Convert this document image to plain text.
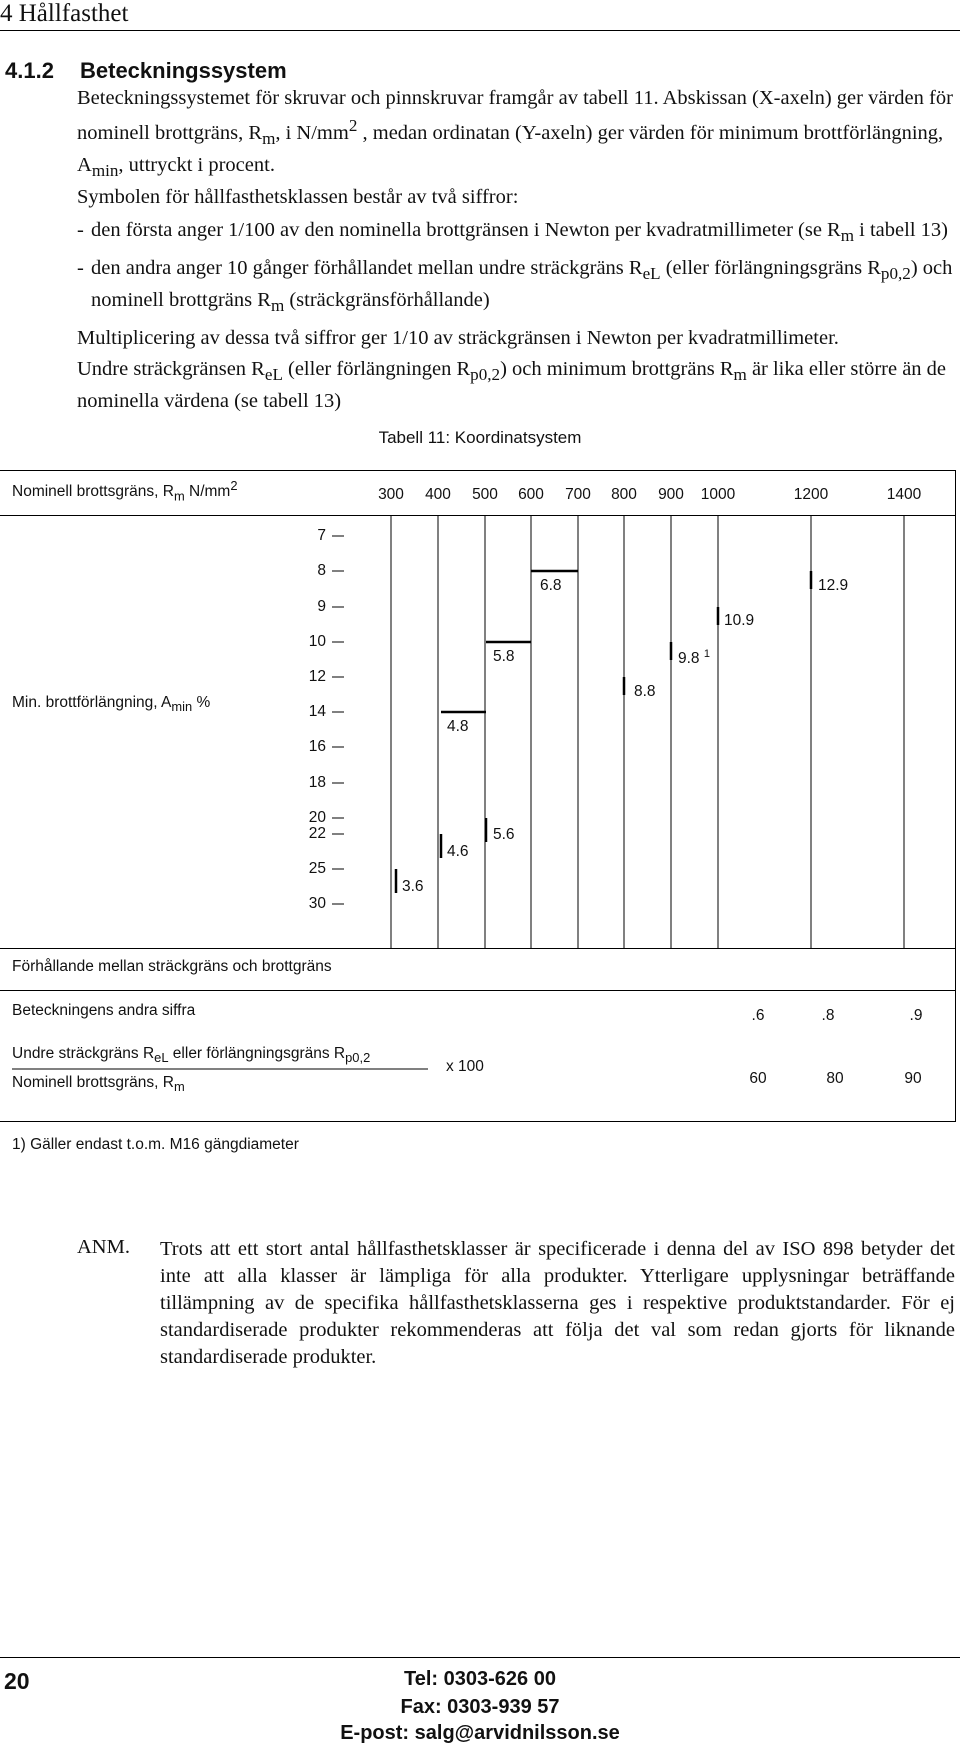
4 Hållfasthet
4.1.2 Beteckningssystem

Beteckningssystemet för skruvar och pinnskruvar framgår av tabell 11. Abskissan (X-axeln) ger värden för nominell brottgräns, $R_m$, i $N/mm^2$ , medan ordinatan (Y-axeln) ger värden för minimum brottförlängning, $A_{min}$, uttryckt i procent.

Symbolen för hållfasthetsklassen består av två siffror:

- den första anger 1/100 av den nominella brottgränsen i Newton per kvadratmillimeter (se $R_m$ i tabell 13)
- den andra anger 10 gånger förhållandet mellan undre sträckgräns $R_{eL}$ (eller förlängningsgräns $R_{p0,2}$) och nominell brottgräns $R_m$ (sträckgränsförhållande)

Multiplicering av dessa två siffror ger 1/10 av sträckgränsen i Newton per kvadratmillimeter.

Undre sträckgränsen $R_{eL}$ (eller förlängningen $R_{p0,2}$) och minimum brottgräns $R_m$ är lika eller större än de nominella värdena (se tabell 13)

Tabell 11: Koordinatsystem
Nominell brottsgräns, $R_m$ $N/mm^2$
Min. brottförlängning, $A_{min}$ %
300	400	500	600	700	800	900	1000	1200	1400
7
8
9
10
12
14
16
18
20
22
25
30
3.6
4.6
4.8
5.6
5.8
6.8
8.8
9.8 $^1$
10.9
12.9
Förhållande mellan sträckgräns och brottgräns
Beteckningens andra siffra	.6	.8	.9
Undre sträckgräns $R_{eL}$ eller förlängningsgräns $R_{p0,2}$
Nominell brottsgräns, $R_m$
x 100
60	80	90
1) Gäller endast t.o.m. M16 gängdiameter
ANM. Trots att ett stort antal hållfasthetsklasser är specificerade i denna del av ISO 898 betyder det inte att alla klasser är lämpliga för alla produkter. Ytterligare upplysningar beträffande tillämpning av de specifika hållfasthetsklasserna ges i respektive produktstandarder. För ej standardiserade produkter rekommenderas att följa det val som redan gjorts för liknande standardiserade produkter.
20	Tel: 0303-626 00
Fax: 0303-939 57
E-post: salg@arvidnilsson.se
